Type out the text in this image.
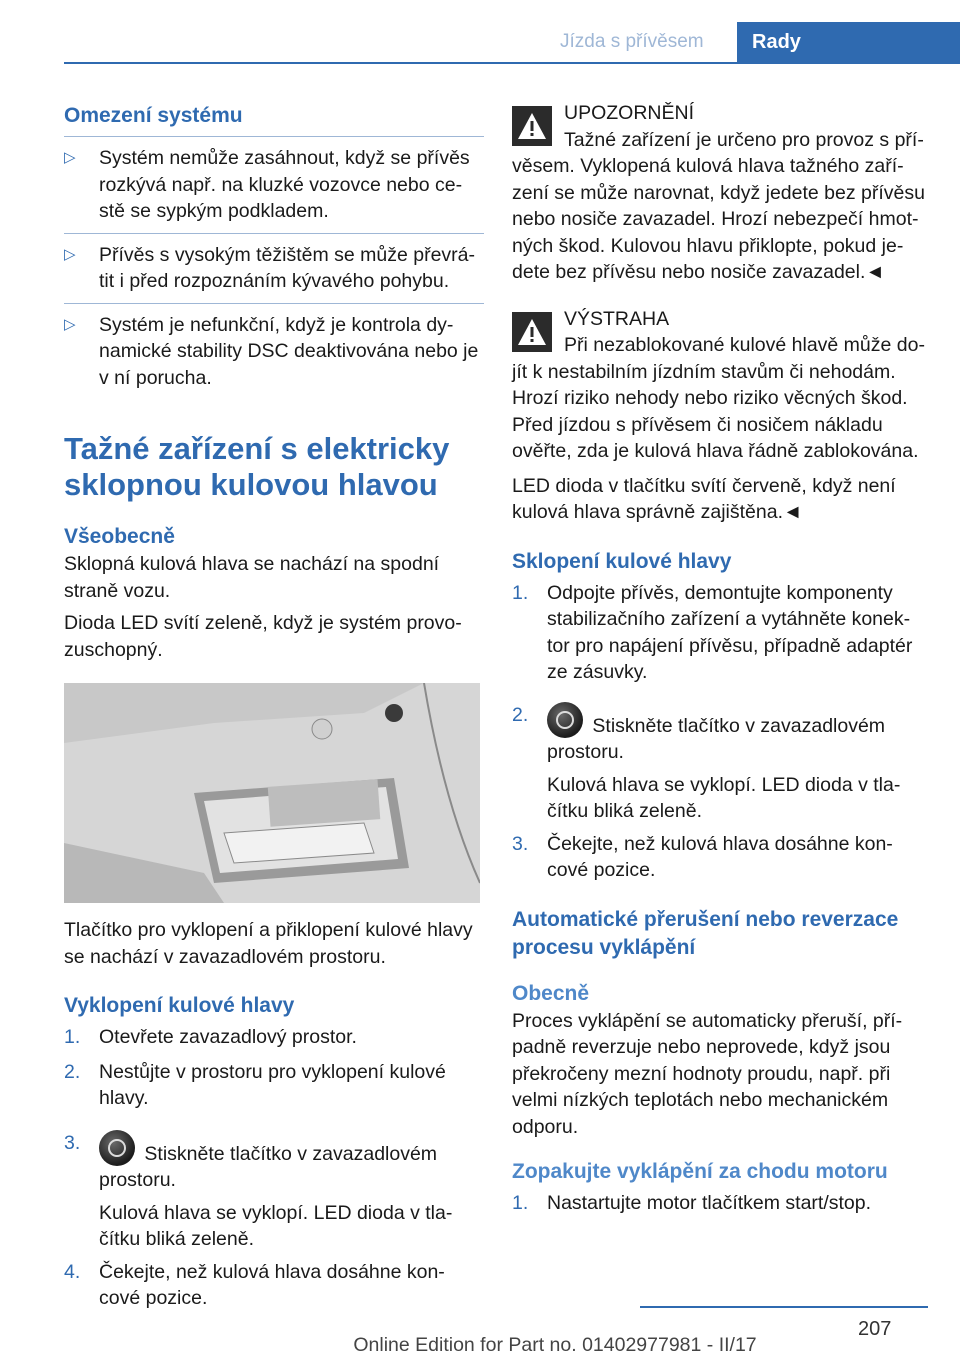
Jízda s přívěsem	Rady
Omezení systému
▷ Systém nemůže zasáhnout, když se přívěs rozkývá např. na kluzké vozovce nebo ce- stě se sypkým podkladem.
▷ Přívěs s vysokým těžištěm se může převrá- tit i před rozpoznáním kývavého pohybu.
▷ Systém je nefunkční, když je kontrola dy- namické stability DSC deaktivována nebo je v ní porucha.
Tažné zařízení s elektricky sklopnou kulovou hlavou
Všeobecně

Sklopná kulová hlava se nachází na spodní straně vozu.

Dioda LED svítí zeleně, když je systém provo- zuschopný.

Tlačítko pro vyklopení a přiklopení kulové hlavy se nachází v zavazadlovém prostoru.

Vyklopení kulové hlavy
1. Otevřete zavazadlový prostor.
2. Nestůjte v prostoru pro vyklopení kulové hlavy.
3.	Stiskněte tlačítko v zavazadlovém prostoru.

Kulová hlava se vyklopí. LED dioda v tla- čítku bliká zeleně.

4. Čekejte, než kulová hlava dosáhne kon- cové pozice.

UPOZORNĚNÍ

Tažné zařízení je určeno pro provoz s pří- věsem. Vyklopená kulová hlava tažného zaří- zení se může narovnat, když jedete bez přívěsu nebo nosiče zavazadel. Hrozí nebezpečí hmot- ných škod. Kulovou hlavu přiklopte, pokud je- dete bez přívěsu nebo nosiče zavazadel.◄

VÝSTRAHA

Při nezablokované kulové hlavě může do- jít k nestabilním jízdním stavům či nehodám. Hrozí riziko nehody nebo riziko věcných škod. Před jízdou s přívěsem či nosičem nákladu ověřte, zda je kulová hlava řádně zablokována.

LED dioda v tlačítku svítí červeně, když není kulová hlava správně zajištěna.◄

Sklopení kulové hlavy
1. Odpojte přívěs, demontujte komponenty stabilizačního zařízení a vytáhněte konek- tor pro napájení přívěsu, případně adaptér ze zásuvky.
2.	Stiskněte tlačítko v zavazadlovém prostoru.

Kulová hlava se vyklopí. LED dioda v tla- čítku bliká zeleně.

3. Čekejte, než kulová hlava dosáhne kon- cové pozice.
Automatické přerušení nebo reverzace procesu vyklápění
Obecně

Proces vyklápění se automaticky přeruší, pří- padně reverzuje nebo neprovede, když jsou překročeny mezní hodnoty proudu, např. při velmi nízkých teplotách nebo mechanickém odporu.

Zopakujte vyklápění za chodu motoru
1. Nastartujte motor tlačítkem start/stop.
207
Online Edition for Part no. 01402977981 - II/17
